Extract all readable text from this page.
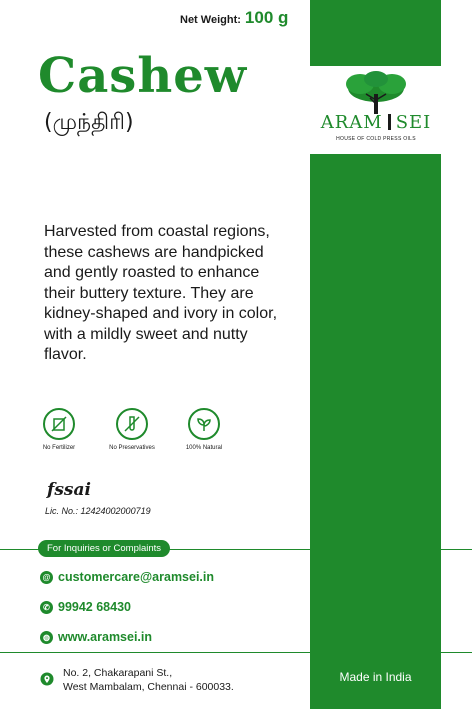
Net Weight: 100 g
Cashew
(முந்திரி)	ARAM SEI
HOUSE OF COLD PRESS OILS
Harvested from coastal regions, these cashews are handpicked and gently roasted to enhance their buttery texture. They are kidney-shaped and ivory in color, with a mildly sweet and nutty flavor.
No Fertilizer	No Preservatives	100% Natural
fssai
Lic. No.: 12424002000719
For Inquiries or Complaints
@ customercare@aramsei.in
✆ 99942 68430
◍ www.aramsei.in
No. 2, Chakarapani St.,
West Mambalam, Chennai - 600033.
Made in India
